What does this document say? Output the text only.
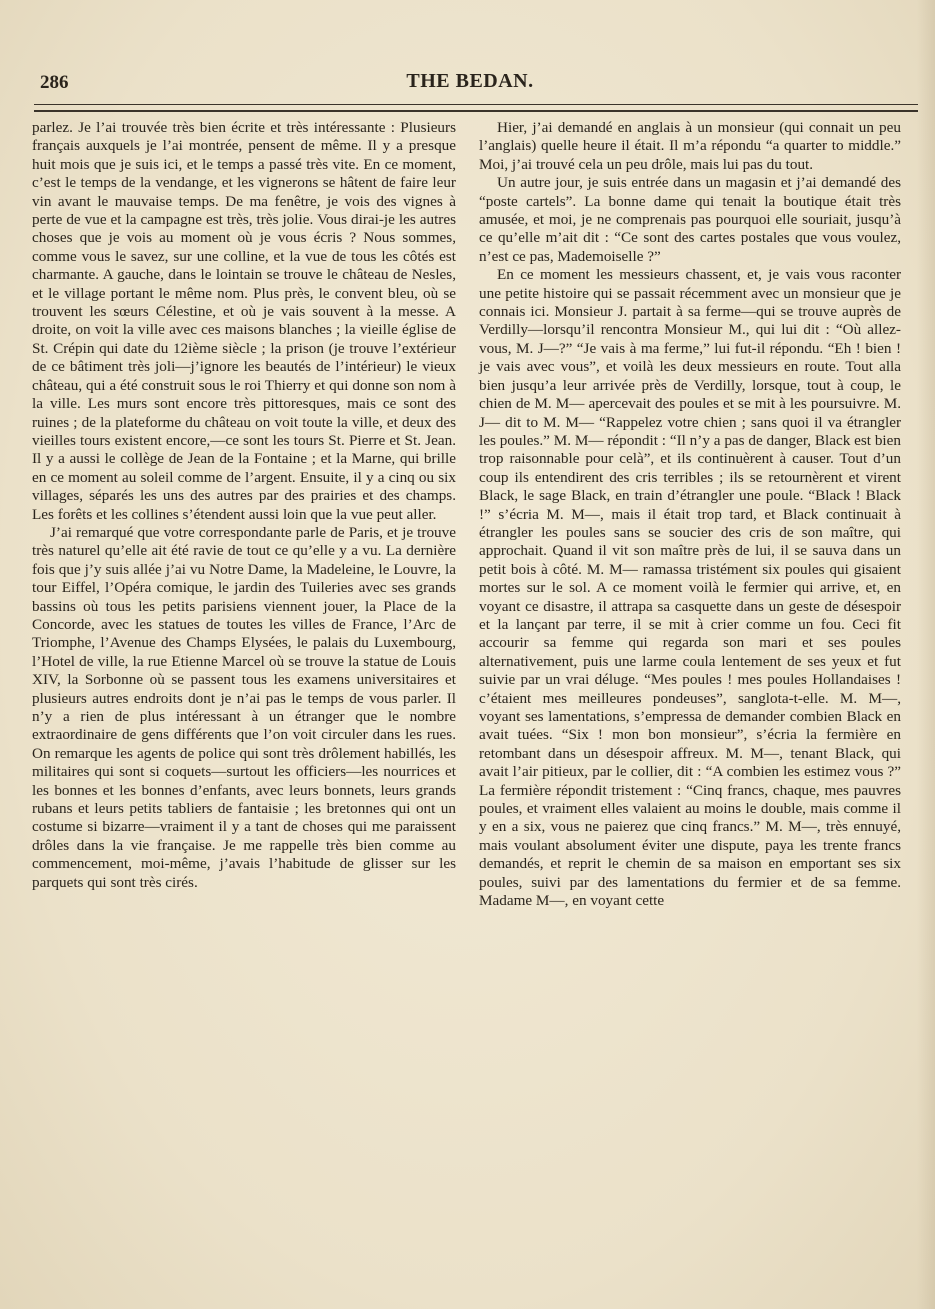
286	THE BEDAN.

parlez. Je l’ai trouvée très bien écrite et très intéressante : Plusieurs français auxquels je l’ai montrée, pensent de même. Il y a presque huit mois que je suis ici, et le temps a passé très vite. En ce moment, c’est le temps de la vendange, et les vignerons se hâtent de faire leur vin avant le mauvaise temps. De ma fenêtre, je vois des vignes à perte de vue et la campagne est très, très jolie. Vous dirai-je les autres choses que je vois au moment où je vous écris ? Nous sommes, comme vous le savez, sur une colline, et la vue de tous les côtés est charmante. A gauche, dans le lointain se trouve le château de Nesles, et le village portant le même nom. Plus près, le convent bleu, où se trouvent les sœurs Célestine, et où je vais souvent à la messe. A droite, on voit la ville avec ces maisons blanches ; la vieille église de St. Crépin qui date du 12ième siècle ; la prison (je trouve l’extérieur de ce bâtiment très joli—j’ignore les beautés de l’intérieur) le vieux château, qui a été construit sous le roi Thierry et qui donne son nom à la ville. Les murs sont encore très pittoresques, mais ce sont des ruines ; de la plateforme du château on voit toute la ville, et deux des vieilles tours existent encore,—ce sont les tours St. Pierre et St. Jean. Il y a aussi le collège de Jean de la Fontaine ; et la Marne, qui brille en ce moment au soleil comme de l’argent. Ensuite, il y a cinq ou six villages, séparés les uns des autres par des prairies et des champs. Les forêts et les collines s’étendent aussi loin que la vue peut aller.

J’ai remarqué que votre correspondante parle de Paris, et je trouve très naturel qu’elle ait été ravie de tout ce qu’elle y a vu. La dernière fois que j’y suis allée j’ai vu Notre Dame, la Madeleine, le Louvre, la tour Eiffel, l’Opéra comique, le jardin des Tuileries avec ses grands bassins où tous les petits parisiens viennent jouer, la Place de la Concorde, avec les statues de toutes les villes de France, l’Arc de Triomphe, l’Avenue des Champs Elysées, le palais du Luxembourg, l’Hotel de ville, la rue Etienne Marcel où se trouve la statue de Louis XIV, la Sorbonne où se passent tous les examens universitaires et plusieurs autres endroits dont je n’ai pas le temps de vous parler. Il n’y a rien de plus intéressant à un étranger que le nombre extraordinaire de gens différents que l’on voit circuler dans les rues. On remarque les agents de police qui sont très drôlement habillés, les militaires qui sont si coquets—surtout les officiers—les nourrices et les bonnes et les bonnes d’enfants, avec leurs bonnets, leurs grands rubans et leurs petits tabliers de fantaisie ; les bretonnes qui ont un costume si bizarre—vraiment il y a tant de choses qui me paraissent drôles dans la vie française. Je me rappelle très bien comme au commencement, moi-même, j’avais l’habitude de glisser sur les parquets qui sont très cirés.

Hier, j’ai demandé en anglais à un monsieur (qui connait un peu l’anglais) quelle heure il était. Il m’a répondu “a quarter to middle.” Moi, j’ai trouvé cela un peu drôle, mais lui pas du tout.

Un autre jour, je suis entrée dans un magasin et j’ai demandé des “poste cartels”. La bonne dame qui tenait la boutique était très amusée, et moi, je ne comprenais pas pourquoi elle souriait, jusqu’à ce qu’elle m’ait dit : “Ce sont des cartes postales que vous voulez, n’est ce pas, Mademoiselle ?”

En ce moment les messieurs chassent, et, je vais vous raconter une petite histoire qui se passait récemment avec un monsieur que je connais ici. Monsieur J. partait à sa ferme—qui se trouve auprès de Verdilly—lorsqu’il rencontra Monsieur M., qui lui dit : “Où allez-vous, M. J—?” “Je vais à ma ferme,” lui fut-il répondu. “Eh ! bien ! je vais avec vous”, et voilà les deux messieurs en route. Tout alla bien jusqu’a leur arrivée près de Verdilly, lorsque, tout à coup, le chien de M. M— apercevait des poules et se mit à les poursuivre. M. J— dit to M. M— “Rappelez votre chien ; sans quoi il va étrangler les poules.” M. M— répondit : “Il n’y a pas de danger, Black est bien trop raisonnable pour celà”, et ils continuèrent à causer. Tout d’un coup ils entendirent des cris terribles ; ils se retournèrent et virent Black, le sage Black, en train d’étrangler une poule. “Black ! Black !” s’écria M. M—, mais il était trop tard, et Black continuait à étrangler les poules sans se soucier des cris de son maître, qui approchait. Quand il vit son maître près de lui, il se sauva dans un petit bois à côté. M. M— ramassa tristément six poules qui gisaient mortes sur le sol. A ce moment voilà le fermier qui arrive, et, en voyant ce disastre, il attrapa sa casquette dans un geste de désespoir et la lançant par terre, il se mit à crier comme un fou. Ceci fit accourir sa femme qui regarda son mari et ses poules alternativement, puis une larme coula lentement de ses yeux et fut suivie par un vrai déluge. “Mes poules ! mes poules Hollandaises ! c’étaient mes meilleures pondeuses”, sanglota-t-elle. M. M—, voyant ses lamentations, s’empressa de demander combien Black en avait tuées. “Six ! mon bon monsieur”, s’écria la fermière en retombant dans un désespoir affreux. M. M—, tenant Black, qui avait l’air pitieux, par le collier, dit : “A combien les estimez vous ?” La fermière répondit tristement : “Cinq francs, chaque, mes pauvres poules, et vraiment elles valaient au moins le double, mais comme il y en a six, vous ne paierez que cinq francs.” M. M—, très ennuyé, mais voulant absolument éviter une dispute, paya les trente francs demandés, et reprit le chemin de sa maison en emportant ses six poules, suivi par des lamentations du fermier et de sa femme. Madame M—, en voyant cette
